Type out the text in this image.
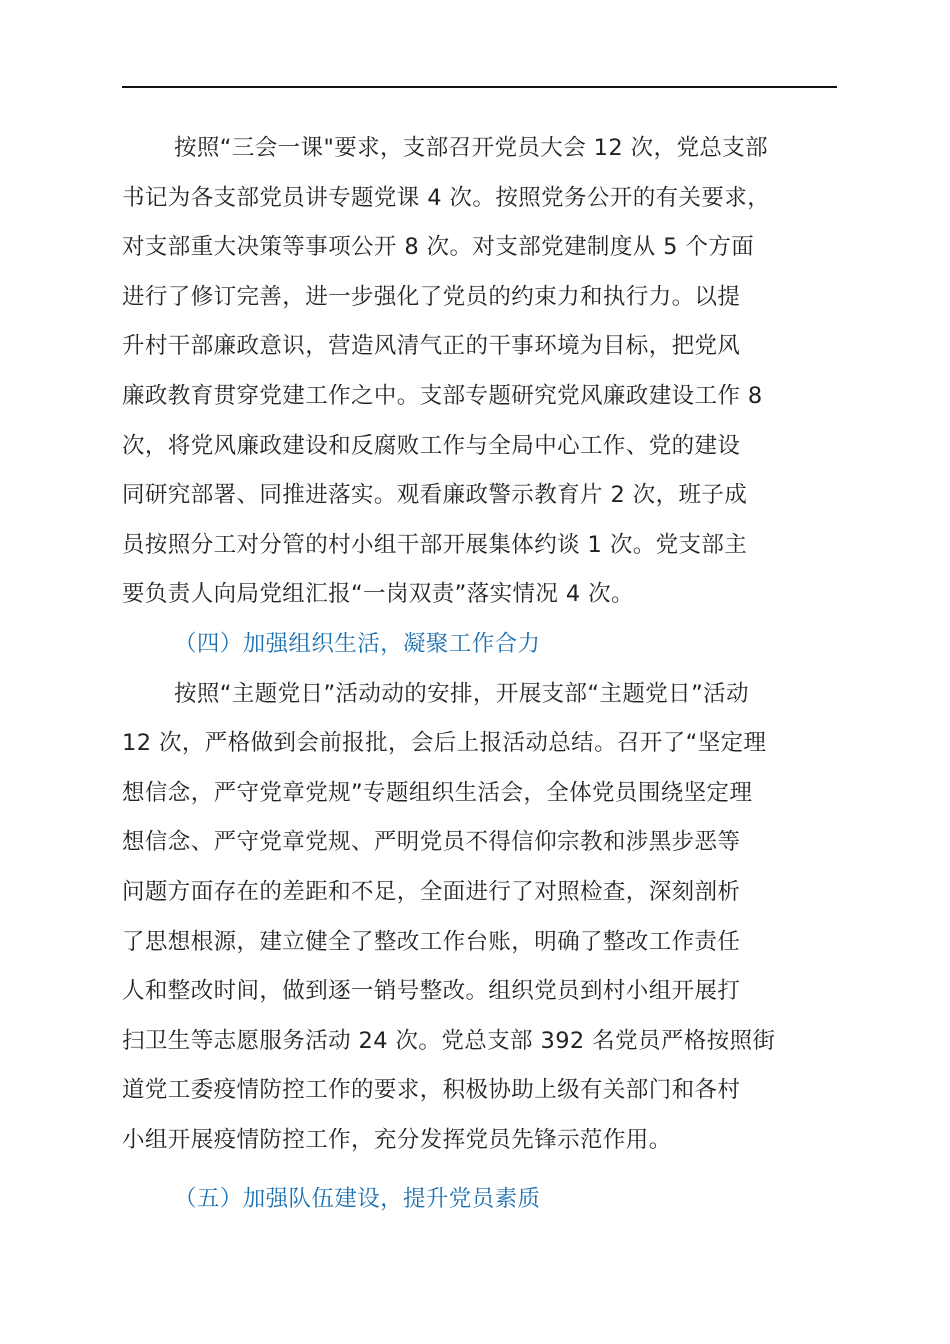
按照“三会一课"要求，支部召开党员大会 12 次，党总支部
书记为各支部党员讲专题党课 4 次。按照党务公开的有关要求，
对支部重大决策等事项公开 8 次。对支部党建制度从 5 个方面
进行了修订完善，进一步强化了党员的约束力和执行力。以提
升村干部廉政意识，营造风清气正的干事环境为目标，把党风
廉政教育贯穿党建工作之中。支部专题研究党风廉政建设工作 8
次，将党风廉政建设和反腐败工作与全局中心工作、党的建设
同研究部署、同推进落实。观看廉政警示教育片 2 次，班子成
员按照分工对分管的村小组干部开展集体约谈 1 次。党支部主
要负责人向局党组汇报“一岗双责”落实情况 4 次。
（四）加强组织生活，凝聚工作合力
按照“主题党日”活动动的安排，开展支部“主题党日”活动
12 次，严格做到会前报批，会后上报活动总结。召开了“坚定理
想信念，严守党章党规”专题组织生活会，全体党员围绕坚定理
想信念、严守党章党规、严明党员不得信仰宗教和涉黑步恶等
问题方面存在的差距和不足，全面进行了对照检查，深刻剖析
了思想根源，建立健全了整改工作台账，明确了整改工作责任
人和整改时间，做到逐一销号整改。组织党员到村小组开展打
扫卫生等志愿服务活动 24 次。党总支部 392 名党员严格按照街
道党工委疫情防控工作的要求，积极协助上级有关部门和各村
小组开展疫情防控工作，充分发挥党员先锋示范作用。
（五）加强队伍建设，提升党员素质
